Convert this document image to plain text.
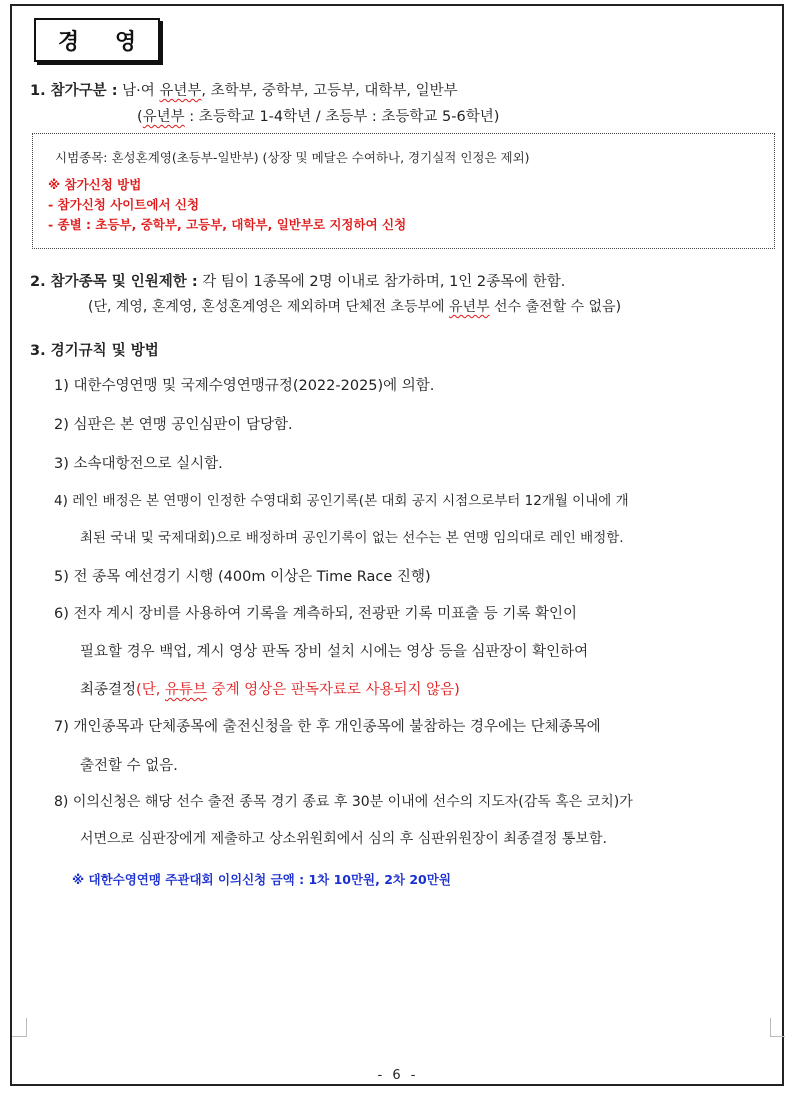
경 영
1. 참가구분 : 남·여 유년부, 초학부, 중학부, 고등부, 대학부, 일반부
(유년부 : 초등학교 1-4학년 / 초등부 : 초등학교 5-6학년)
시범종목: 혼성혼계영(초등부-일반부) (상장 및 메달은 수여하나, 경기실적 인정은 제외)
※ 참가신청 방법
- 참가신청 사이트에서 신청
- 종별 : 초등부, 중학부, 고등부, 대학부, 일반부로 지정하여 신청
2. 참가종목 및 인원제한 : 각 팀이 1종목에 2명 이내로 참가하며, 1인 2종목에 한함.
(단, 계영, 혼계영, 혼성혼계영은 제외하며 단체전 초등부에 유년부 선수 출전할 수 없음)
3. 경기규칙 및 방법
1) 대한수영연맹 및 국제수영연맹규정(2022-2025)에 의함.
2) 심판은 본 연맹 공인심판이 담당함.
3) 소속대항전으로 실시함.
4) 레인 배정은 본 연맹이 인정한 수영대회 공인기록(본 대회 공지 시점으로부터 12개월 이내에 개
최된 국내 및 국제대회)으로 배정하며 공인기록이 없는 선수는 본 연맹 임의대로 레인 배정함.
5) 전 종목 예선경기 시행 (400m 이상은 Time Race 진행)
6) 전자 계시 장비를 사용하여 기록을 계측하되, 전광판 기록 미표출 등 기록 확인이
필요할 경우 백업, 계시 영상 판독 장비 설치 시에는 영상 등을 심판장이 확인하여
최종결정(단, 유튜브 중계 영상은 판독자료로 사용되지 않음)
7) 개인종목과 단체종목에 출전신청을 한 후 개인종목에 불참하는 경우에는 단체종목에
출전할 수 없음.
8) 이의신청은 해당 선수 출전 종목 경기 종료 후 30분 이내에 선수의 지도자(감독 혹은 코치)가
서면으로 심판장에게 제출하고 상소위원회에서 심의 후 심판위원장이 최종결정 통보함.
※ 대한수영연맹 주관대회 이의신청 금액 : 1차 10만원, 2차 20만원
- 6 -
